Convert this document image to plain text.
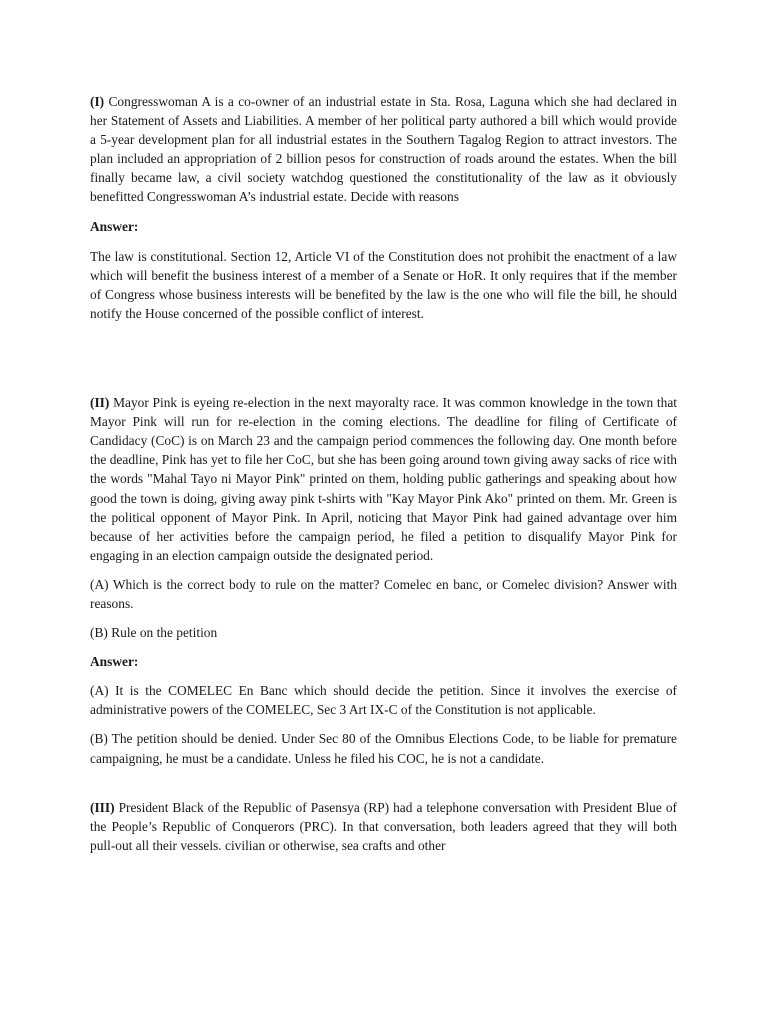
(I) Congresswoman A is a co-owner of an industrial estate in Sta. Rosa, Laguna which she had declared in her Statement of Assets and Liabilities. A member of her political party authored a bill which would provide a 5-year development plan for all industrial estates in the Southern Tagalog Region to attract investors. The plan included an appropriation of 2 billion pesos for construction of roads around the estates. When the bill finally became law, a civil society watchdog questioned the constitutionality of the law as it obviously benefitted Congresswoman A’s industrial estate. Decide with reasons

Answer:

The law is constitutional. Section 12, Article VI of the Constitution does not prohibit the enactment of a law which will benefit the business interest of a member of a Senate or HoR. It only requires that if the member of Congress whose business interests will be benefited by the law is the one who will file the bill, he should notify the House concerned of the possible conflict of interest.

(II) Mayor Pink is eyeing re-election in the next mayoralty race. It was common knowledge in the town that Mayor Pink will run for re-election in the coming elections. The deadline for filing of Certificate of Candidacy (CoC) is on March 23 and the campaign period commences the following day. One month before the deadline, Pink has yet to file her CoC, but she has been going around town giving away sacks of rice with the words "Mahal Tayo ni Mayor Pink" printed on them, holding public gatherings and speaking about how good the town is doing, giving away pink t-shirts with "Kay Mayor Pink Ako" printed on them. Mr. Green is the political opponent of Mayor Pink. In April, noticing that Mayor Pink had gained advantage over him because of her activities before the campaign period, he filed a petition to disqualify Mayor Pink for engaging in an election campaign outside the designated period.

(A) Which is the correct body to rule on the matter? Comelec en banc, or Comelec division? Answer with reasons.

(B) Rule on the petition

Answer:

(A) It is the COMELEC En Banc which should decide the petition. Since it involves the exercise of administrative powers of the COMELEC, Sec 3 Art IX-C of the Constitution is not applicable.

(B) The petition should be denied. Under Sec 80 of the Omnibus Elections Code, to be liable for premature campaigning, he must be a candidate. Unless he filed his COC, he is not a candidate.

(III) President Black of the Republic of Pasensya (RP) had a telephone conversation with President Blue of the People’s Republic of Conquerors (PRC). In that conversation, both leaders agreed that they will both pull-out all their vessels. civilian or otherwise, sea crafts and other
